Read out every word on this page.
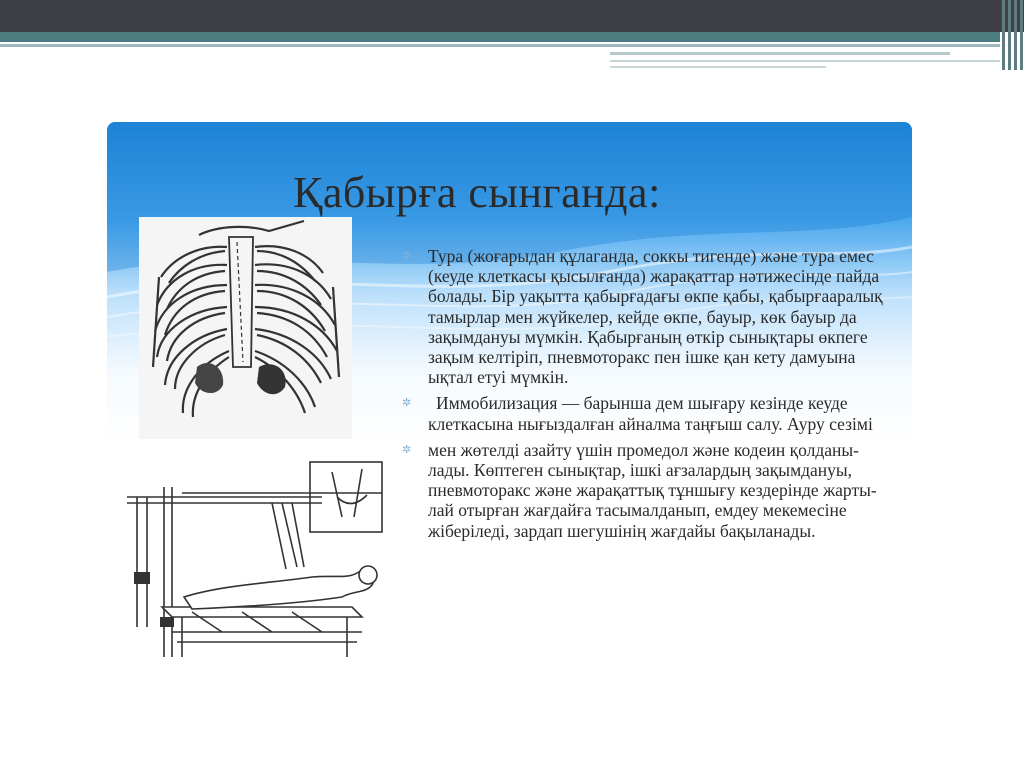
Қабырға сынганда:
✲ Тура (жоғарыдан құлаганда, соккы тигенде) және тура емес (кеуде клеткасы қысылғанда) жарақаттар нәтижесінде пайда болады. Бір уақытта қабырғадағы өкпе қабы, қабырғааралық тамырлар мен жүйкелер, кейде өкпе, бауыр, көк бауыр да зақымдануы мүмкін. Қабырғаның өткір сынықтары өкпеге зақым келтіріп, пневмоторакс пен ішке қан кету дамуына ықтал етуі мүмкін.
✲ Иммобилизация — барынша дем шығару кезінде кеуде клеткасына нығыздалған айналма таңғыш салу. Ауру сезімі
✲ мен жөтелді азайту үшін промедол және кодеин қолданы-лады. Көптеген сынықтар, ішкі ағзалардың зақымдануы, пневмоторакс және жарақаттық тұншығу кездерінде жарты-лай отырған жағдайға тасымалданып, емдеу мекемесіне жіберіледі, зардап шегушінің жағдайы бақыланады.
